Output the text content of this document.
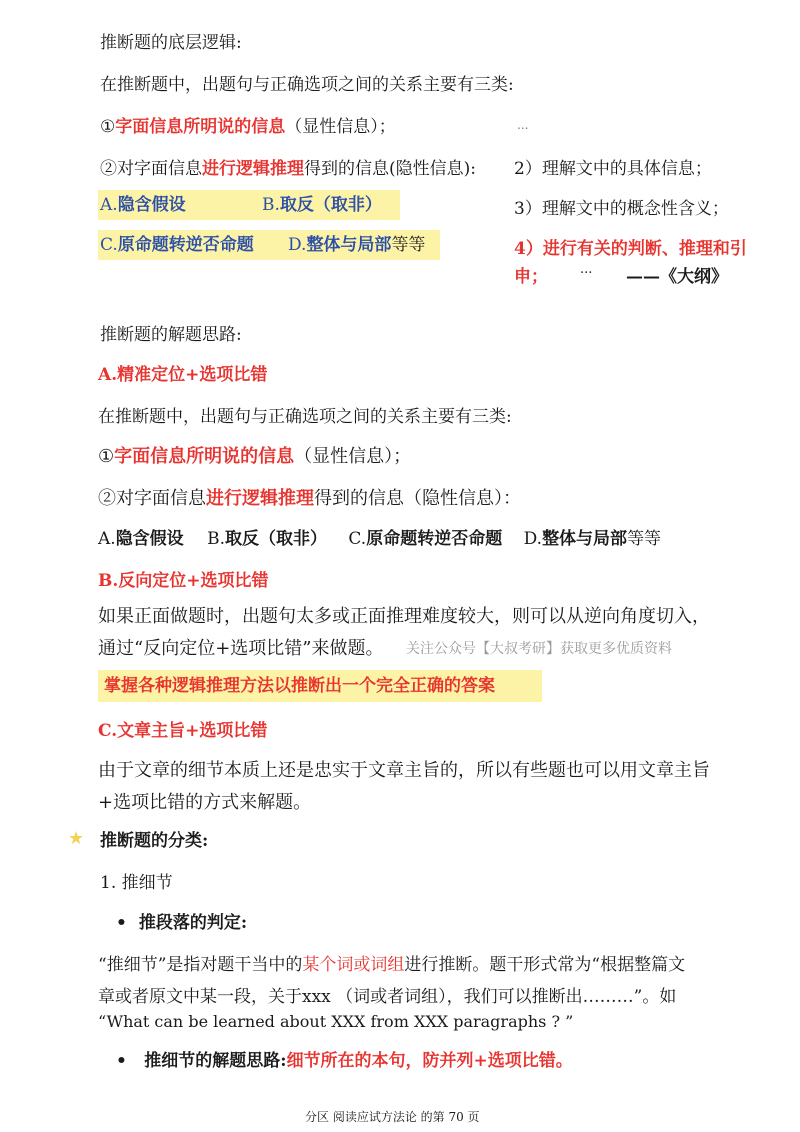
推断题的底层逻辑:
在推断题中，出题句与正确选项之间的关系主要有三类:
①字面信息所明说的信息（显性信息）；
②对字面信息进行逻辑推理得到的信息(隐性信息):
A.隐含假设	B.取反（取非）
C.原命题转逆否命题 D.整体与局部等等
...
2）理解文中的具体信息；
3）理解文中的概念性含义；
4）进行有关的判断、推理和引
申； ... ——《大纲》
推断题的解题思路:
A.精准定位+选项比错
在推断题中，出题句与正确选项之间的关系主要有三类:
①字面信息所明说的信息（显性信息）；
②对字面信息进行逻辑推理得到的信息（隐性信息）：
A.隐含假设 B.取反（取非） C.原命题转逆否命题 D.整体与局部等等
B.反向定位+选项比错
如果正面做题时，出题句太多或正面推理难度较大，则可以从逆向角度切入，
通过“反向定位+选项比错”来做题。 关注公众号【大叔考研】获取更多优质资料
掌握各种逻辑推理方法以推断出一个完全正确的答案
C.文章主旨+选项比错
由于文章的细节本质上还是忠实于文章主旨的，所以有些题也可以用文章主旨
+选项比错的方式来解题。
★ 推断题的分类:
1. 推细节
• 推段落的判定:
“推细节”是指对题干当中的某个词或词组进行推断。题干形式常为“根据整篇文
章或者原文中某一段，关于xxx （词或者词组），我们可以推断出………”。如
“What can be learned about XXX from XXX paragraphs ? ”
• 推细节的解题思路:细节所在的本句，防并列+选项比错。
分区 阅读应试方法论 的第 70 页
